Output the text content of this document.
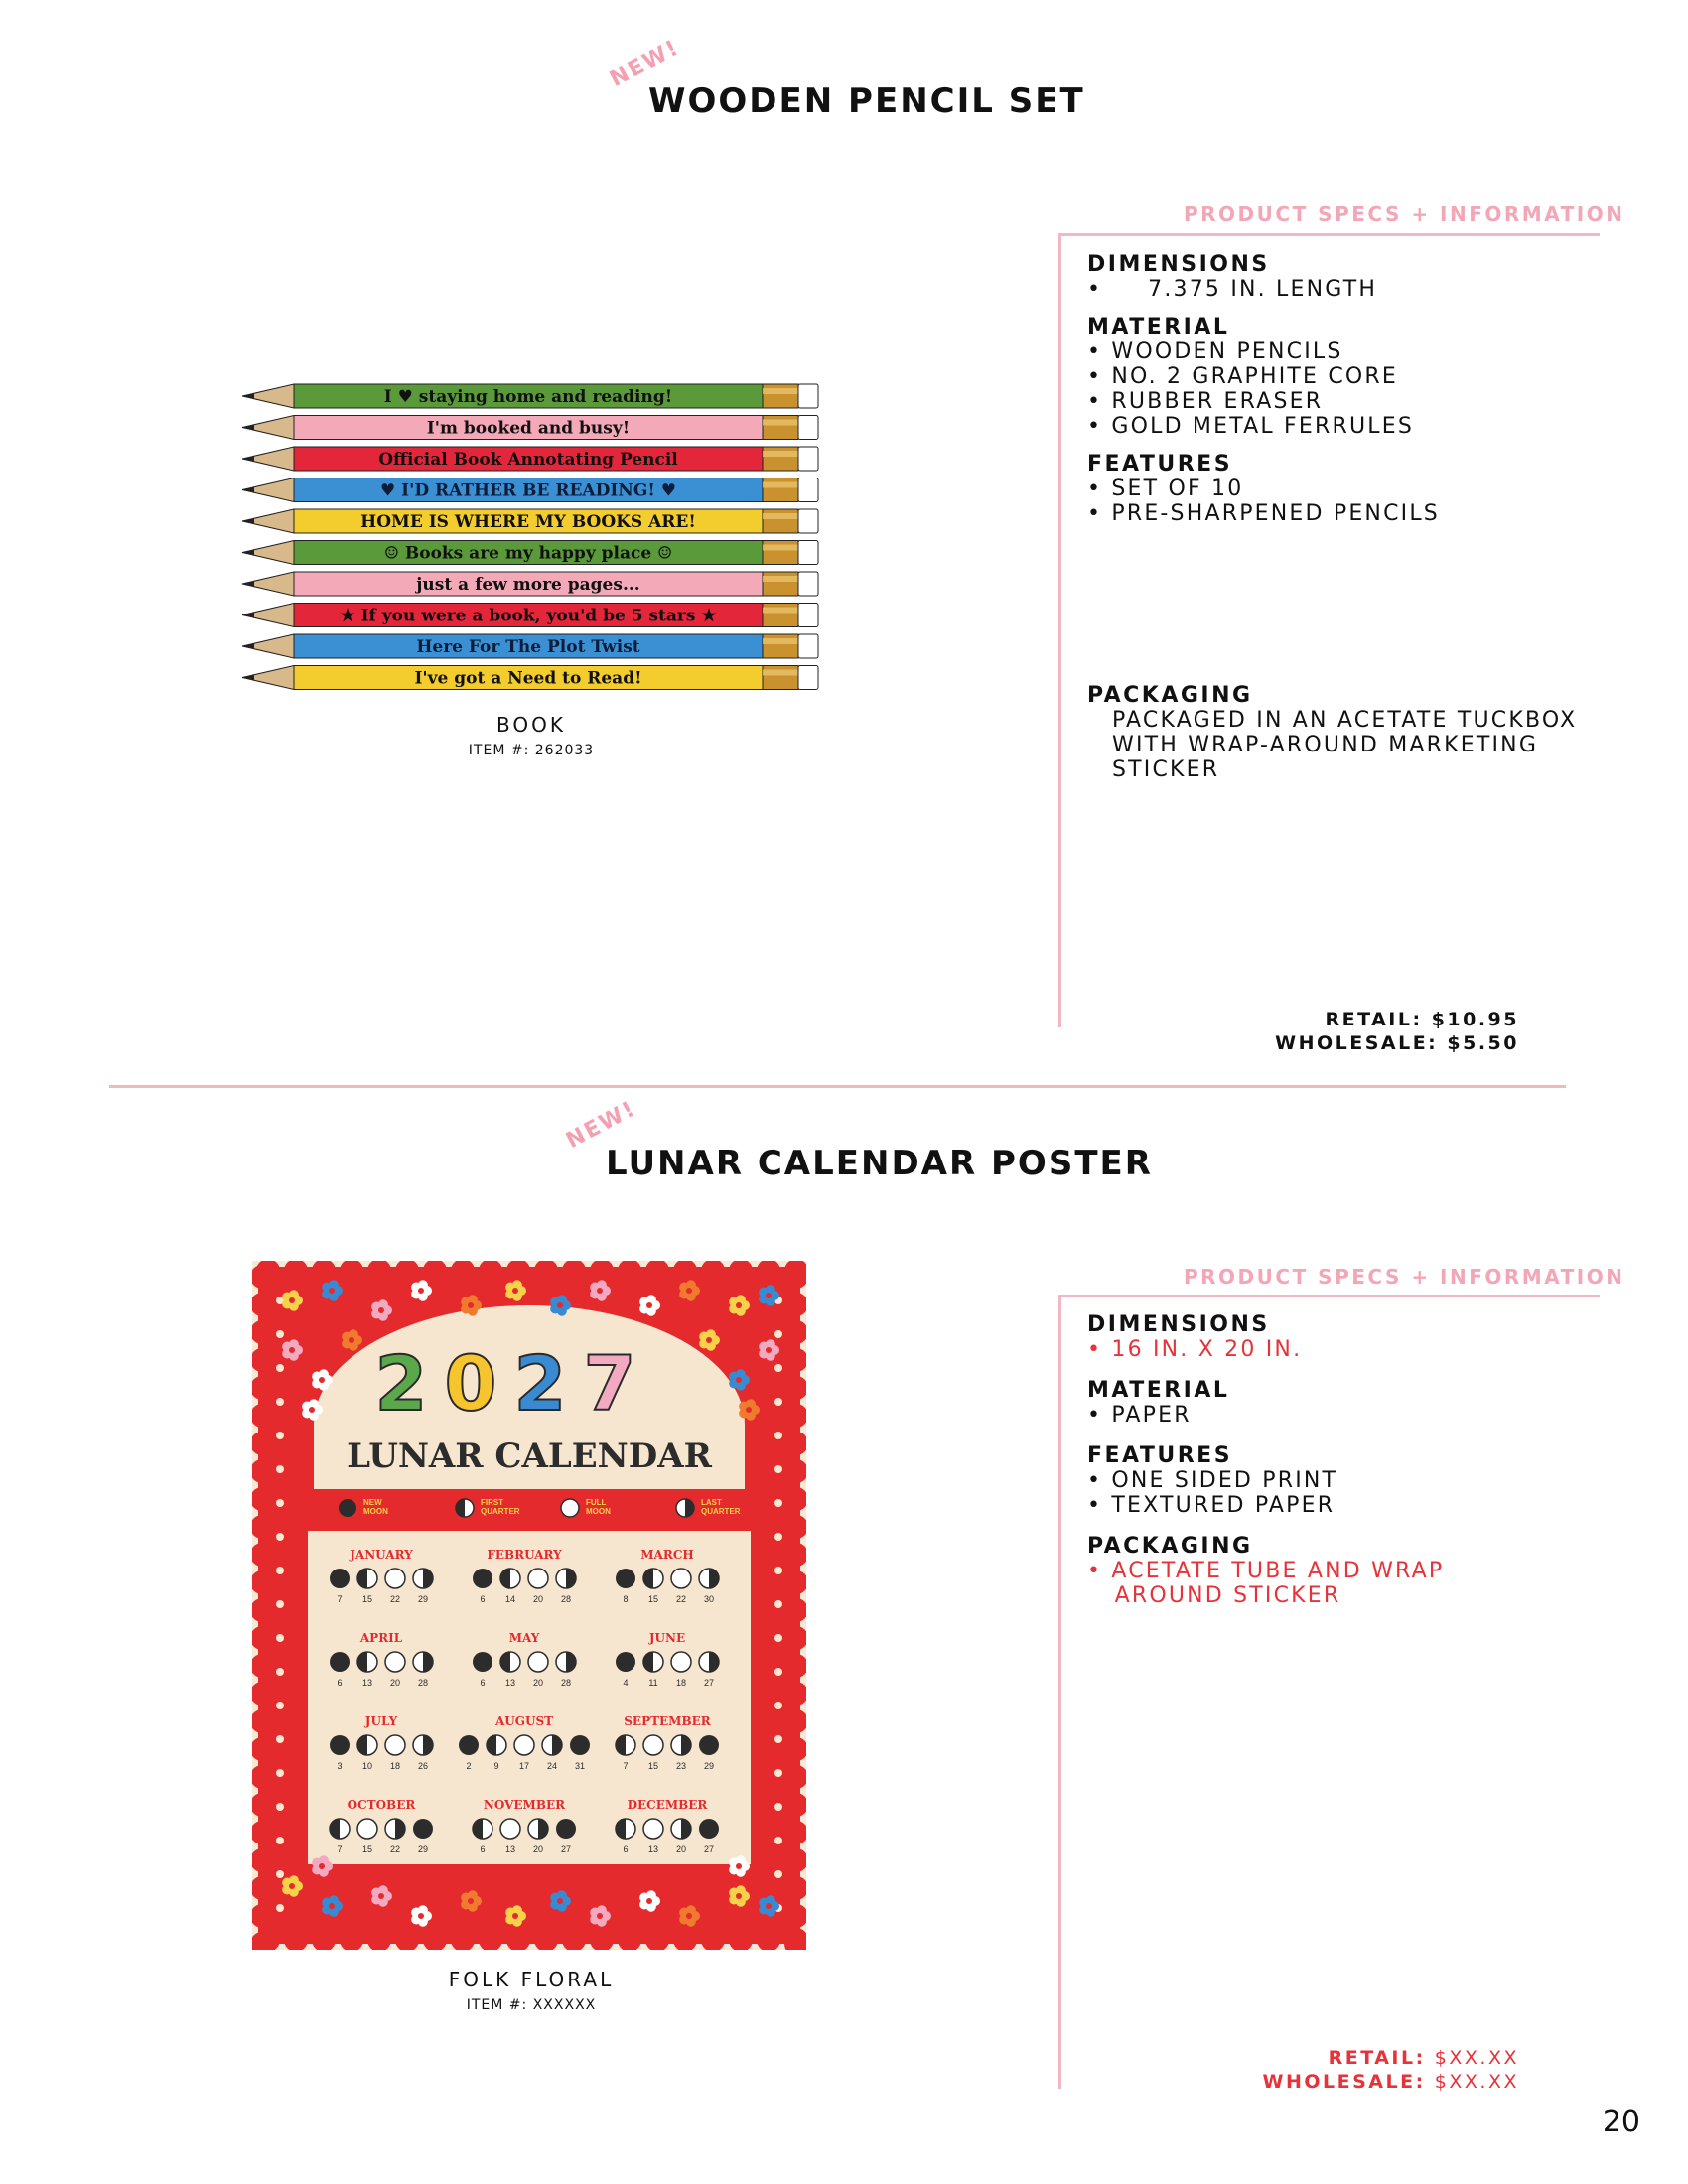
NEW!
WOODEN PENCIL SET
I ♥ staying home and reading!
I'm booked and busy!
Official Book Annotating Pencil
♥ I'D RATHER BE READING! ♥
HOME IS WHERE MY BOOKS ARE!
☺ Books are my happy place ☺
just a few more pages...
★ If you were a book, you'd be 5 stars ★
Here For The Plot Twist
I've got a Need to Read!
BOOK
ITEM #: 262033
PRODUCT SPECS + INFORMATION
DIMENSIONS
•     7.375 IN. LENGTH
MATERIAL
• WOODEN PENCILS
• NO. 2 GRAPHITE CORE
• RUBBER ERASER
• GOLD METAL FERRULES
FEATURES
• SET OF 10
• PRE-SHARPENED PENCILS
PACKAGING
PACKAGED IN AN ACETATE TUCKBOX
WITH WRAP-AROUND MARKETING
STICKER
RETAIL: $10.95
WHOLESALE: $5.50
NEW!
LUNAR CALENDAR POSTER
2 0 2 7
LUNAR CALENDAR
NEW
MOON
FIRST
QUARTER
FULL
MOON
LAST
QUARTER
JANUARY
7 15 22 29
FEBRUARY
6 14 20 28
MARCH
8 15 22 30
APRIL
6 13 20 28
MAY
6 13 20 28
JUNE
4 11 18 27
JULY
3 10 18 26
AUGUST
2	9 17 24 31
SEPTEMBER
7 15 23 29
OCTOBER
7 15 22 29
NOVEMBER
6 13 20 27
DECEMBER
6 13 20 27
FOLK FLORAL
ITEM #: XXXXXX
PRODUCT SPECS + INFORMATION
DIMENSIONS
• 16 IN. X 20 IN.
MATERIAL
• PAPER
FEATURES
• ONE SIDED PRINT
• TEXTURED PAPER
PACKAGING
• ACETATE TUBE AND WRAP
AROUND STICKER
RETAIL: $XX.XX
WHOLESALE: $XX.XX
20
